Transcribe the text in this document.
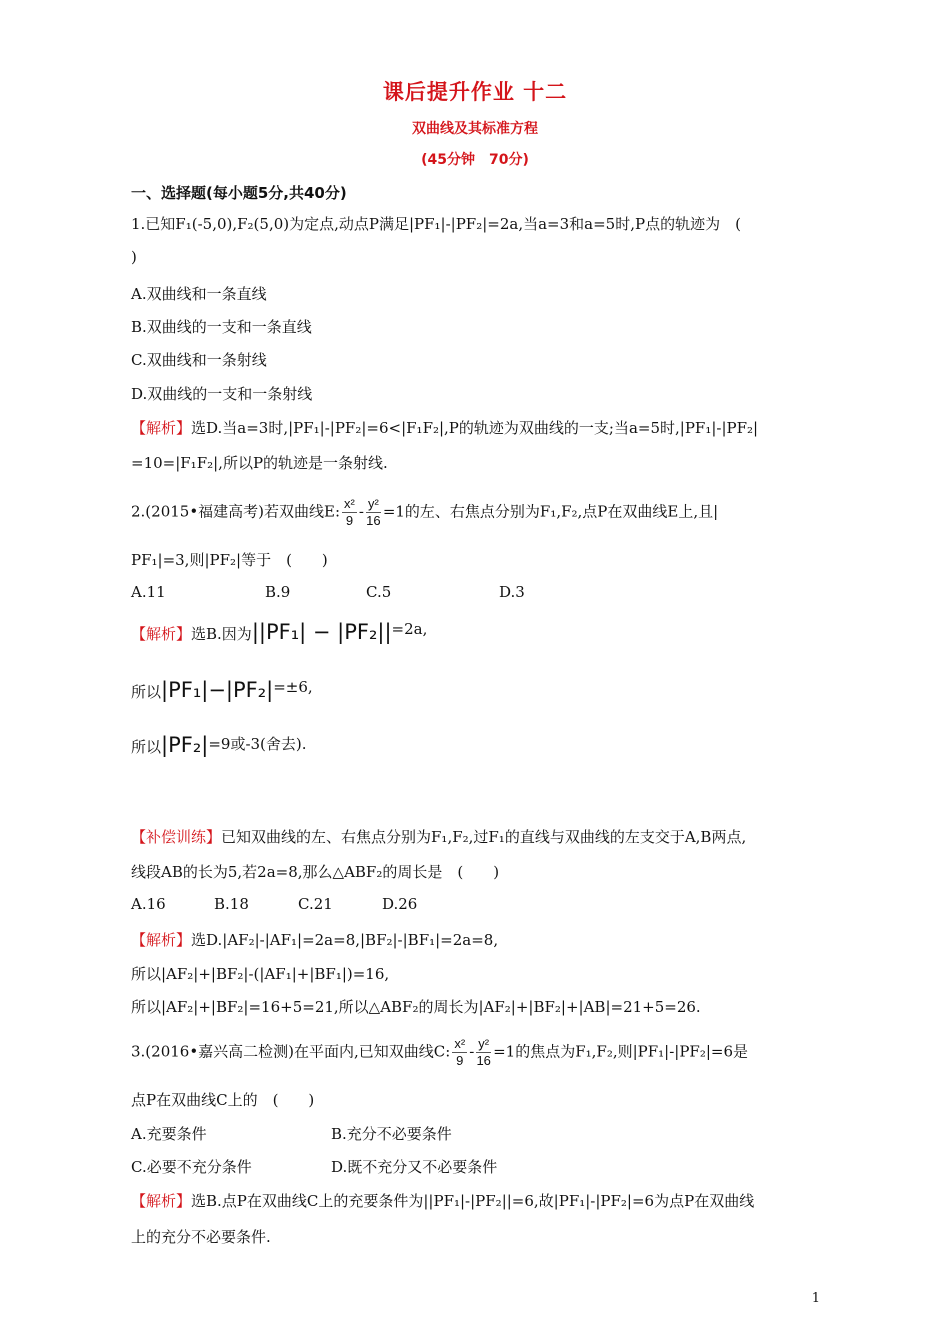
课后提升作业 十二
双曲线及其标准方程
(45分钟　70分)
一、选择题(每小题5分,共40分)
1.已知F₁(-5,0),F₂(5,0)为定点,动点P满足|PF₁|-|PF₂|=2a,当a=3和a=5时,P点的轨迹为　(
)
A.双曲线和一条直线
B.双曲线的一支和一条直线
C.双曲线和一条射线
D.双曲线的一支和一条射线
【解析】选D.当a=3时,|PF₁|-|PF₂|=6<|F₁F₂|,P的轨迹为双曲线的一支;当a=5时,|PF₁|-|PF₂|
=10=|F₁F₂|,所以P的轨迹是一条射线.
2.(2015•福建高考)若双曲线E: $\frac{\text{x²}}{9} - \frac{\text{y²}}{16} =1$的左、右焦点分别为F₁,F₂,点P在双曲线E上,且|
PF₁|=3,则|PF₂|等于　(　　)
A.11	B.9	C.5	D.3
【解析】选B.因为||PF₁| − |PF₂||=2a,
所以|PF₁|−|PF₂|=±6,
所以|PF₂|=9或-3(舍去).
【补偿训练】已知双曲线的左、右焦点分别为F₁,F₂,过F₁的直线与双曲线的左支交于A,B两点,
线段AB的长为5,若2a=8,那么△ABF₂的周长是　(　　)
A.16	B.18	C.21	D.26
【解析】选D.|AF₂|-|AF₁|=2a=8,|BF₂|-|BF₁|=2a=8,
所以|AF₂|+|BF₂|-(|AF₁|+|BF₁|)=16,
所以|AF₂|+|BF₂|=16+5=21,所以△ABF₂的周长为|AF₂|+|BF₂|+|AB|=21+5=26.
3.(2016•嘉兴高二检测)在平面内,已知双曲线C: $\frac{\text{x²}}{9} - \frac{\text{y²}}{16} =1$的焦点为F₁,F₂,则|PF₁|-|PF₂|=6是
点P在双曲线C上的　(　　)
A.充要条件	B.充分不必要条件
C.必要不充分条件	D.既不充分又不必要条件
【解析】选B.点P在双曲线C上的充要条件为||PF₁|-|PF₂||=6,故|PF₁|-|PF₂|=6为点P在双曲线
上的充分不必要条件.
1
